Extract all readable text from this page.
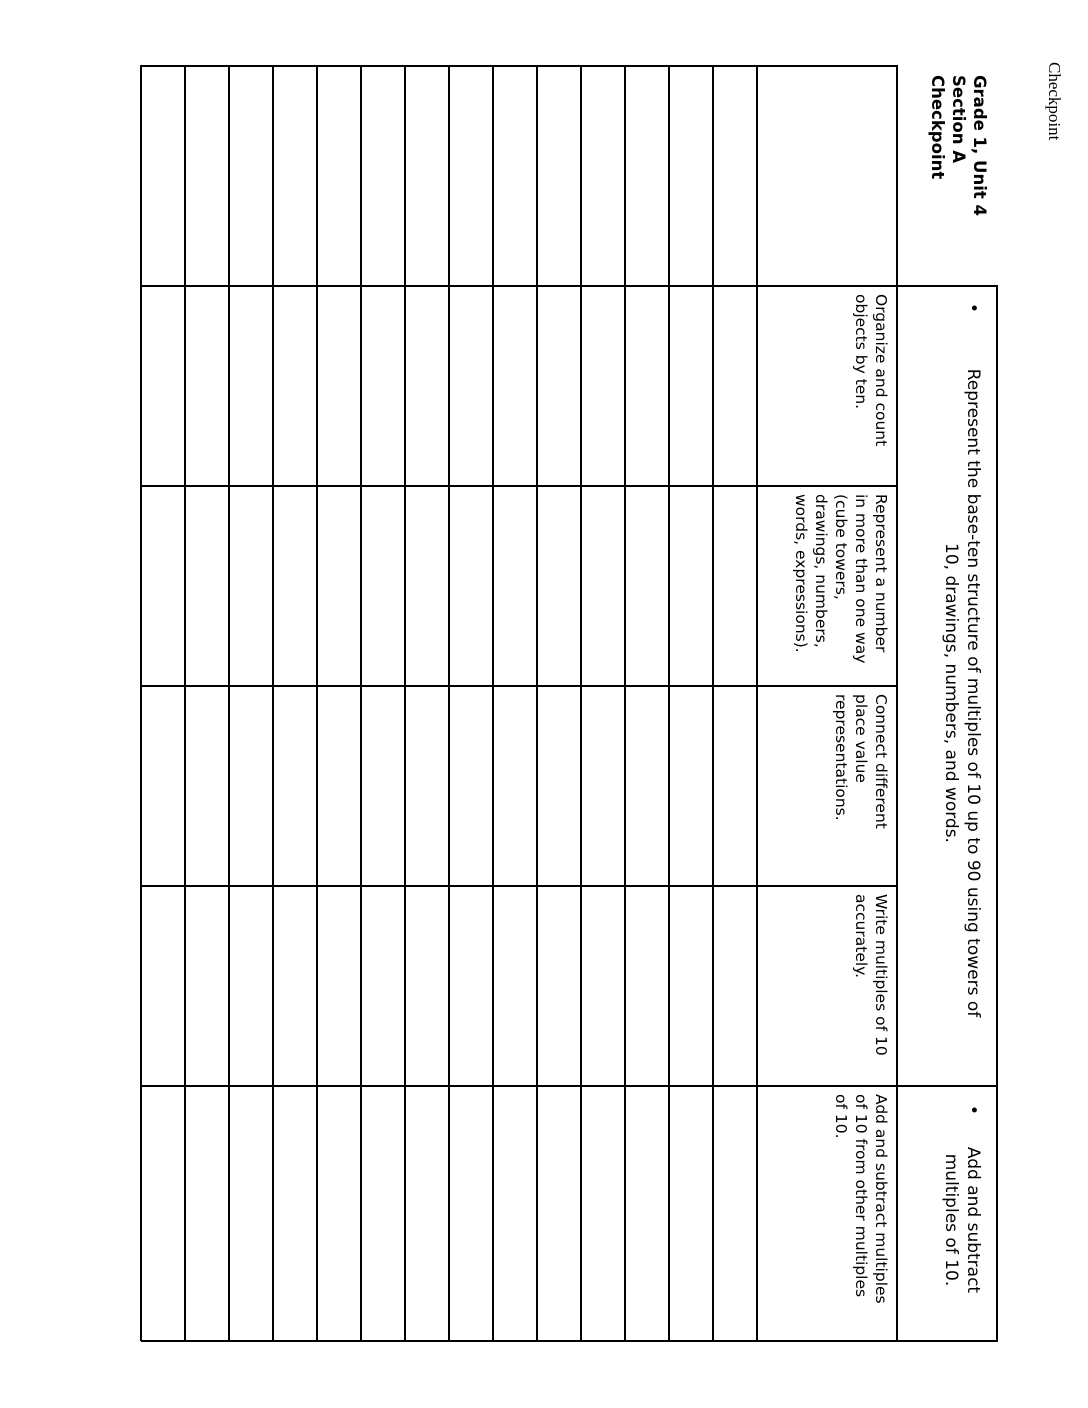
Checkpoint
Grade 1, Unit 4
Section A
Checkpoint
•
Represent the base-ten structure of multiples of 10 up to 90 using towers of
10, drawings, numbers, and words.
•
Add and subtract
multiples of 10.
Organize and count
objects by ten.
Represent a number
in more than one way
(cube towers,
drawings, numbers,
words, expressions).
Connect different
place value
representations.
Write multiples of 10
accurately.
Add and subtract multiples
of 10 from other multiples
of 10.
